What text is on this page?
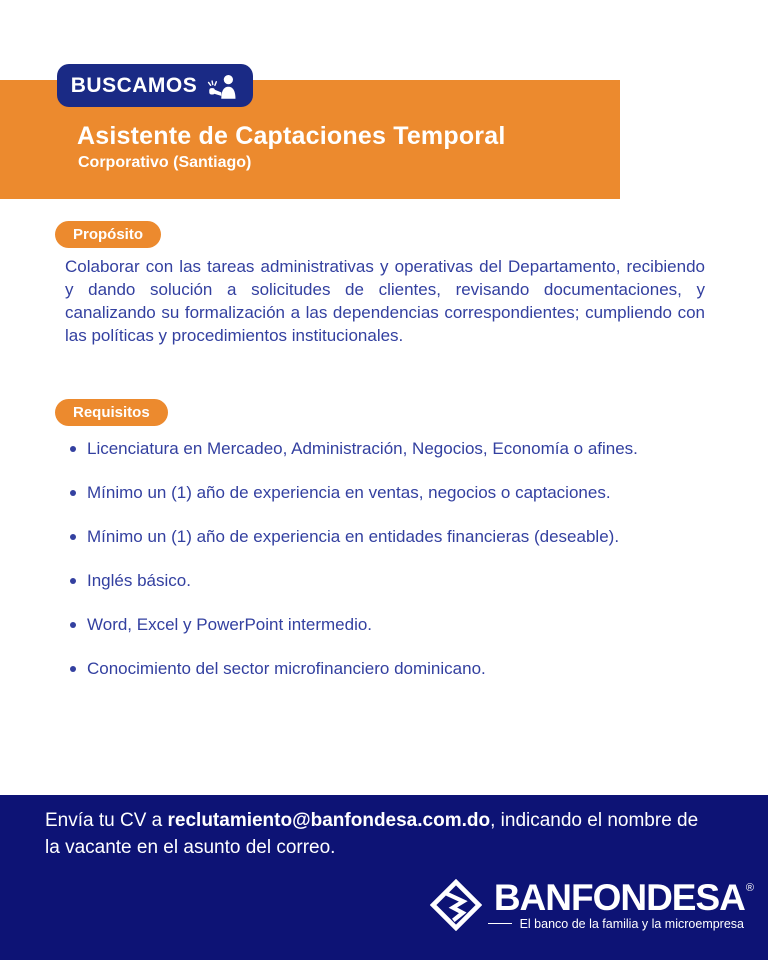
Asistente de Captaciones Temporal
Corporativo (Santiago)
BUSCAMOS
Propósito

Colaborar con las tareas administrativas y operativas del Departamento, recibiendo y dando solución a solicitudes de clientes, revisando documentaciones, y canalizando su formalización a las dependencias correspondientes; cumpliendo con las políticas y procedimientos institucionales.

Requisitos
Licenciatura en Mercadeo, Administración, Negocios, Economía o afines.
Mínimo un (1) año de experiencia en ventas, negocios o captaciones.
Mínimo un (1) año de experiencia en entidades financieras (deseable).
Inglés básico.
Word, Excel y PowerPoint intermedio.
Conocimiento del sector microfinanciero dominicano.

Envía tu CV a reclutamiento@banfondesa.com.do, indicando el nombre de la vacante en el asunto del correo.

BANFONDESA ®
El banco de la familia y la microempresa
